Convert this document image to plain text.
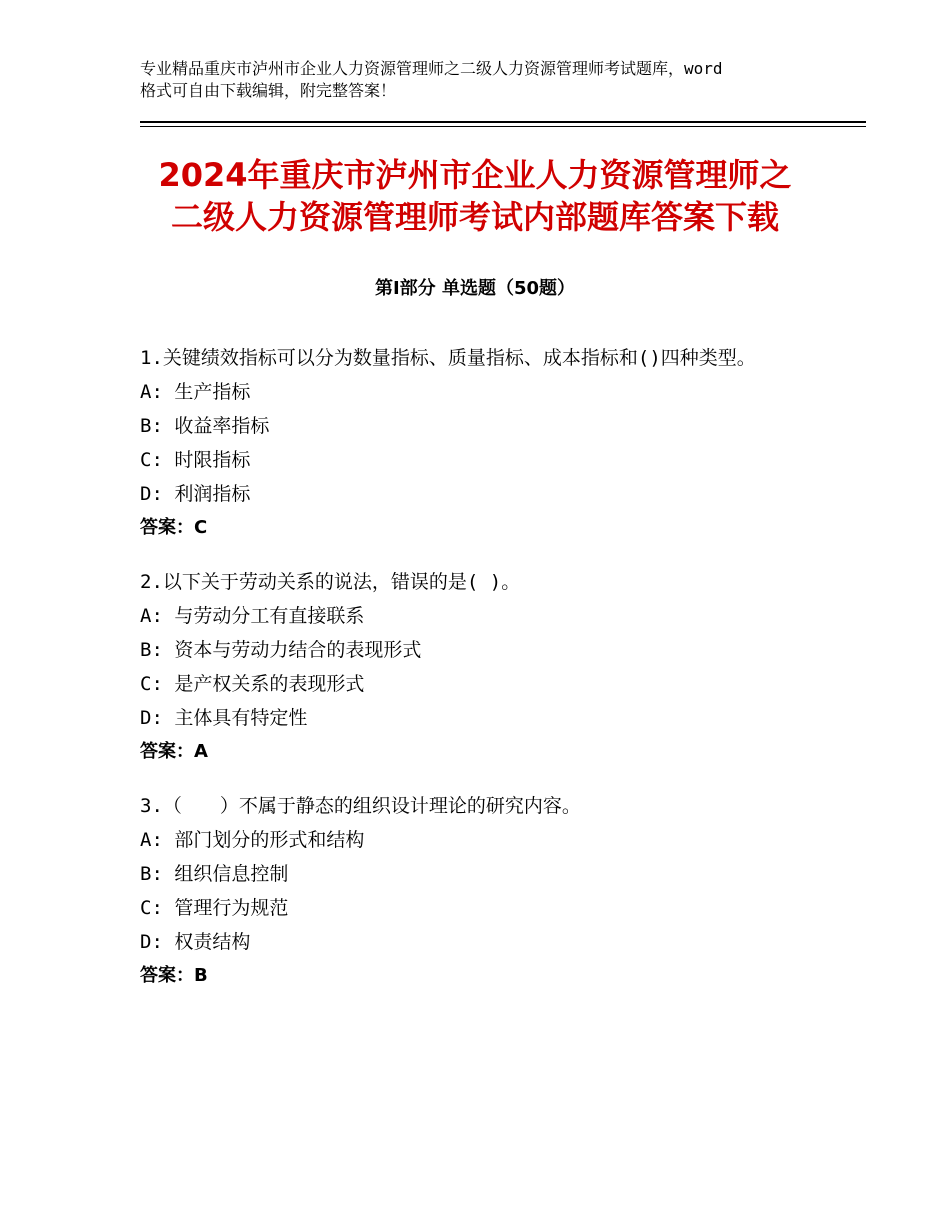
专业精品重庆市泸州市企业人力资源管理师之二级人力资源管理师考试题库，word
格式可自由下载编辑，附完整答案！
2024年重庆市泸州市企业人力资源管理师之
二级人力资源管理师考试内部题库答案下载
第Ⅰ部分 单选题（50题）
1.关键绩效指标可以分为数量指标、质量指标、成本指标和()四种类型。
A: 生产指标
B: 收益率指标
C: 时限指标
D: 利润指标
答案：C
2.以下关于劳动关系的说法，错误的是( )。
A: 与劳动分工有直接联系
B: 资本与劳动力结合的表现形式
C: 是产权关系的表现形式
D: 主体具有特定性
答案：A
3.（　　）不属于静态的组织设计理论的研究内容。
A: 部门划分的形式和结构
B: 组织信息控制
C: 管理行为规范
D: 权责结构
答案：B
